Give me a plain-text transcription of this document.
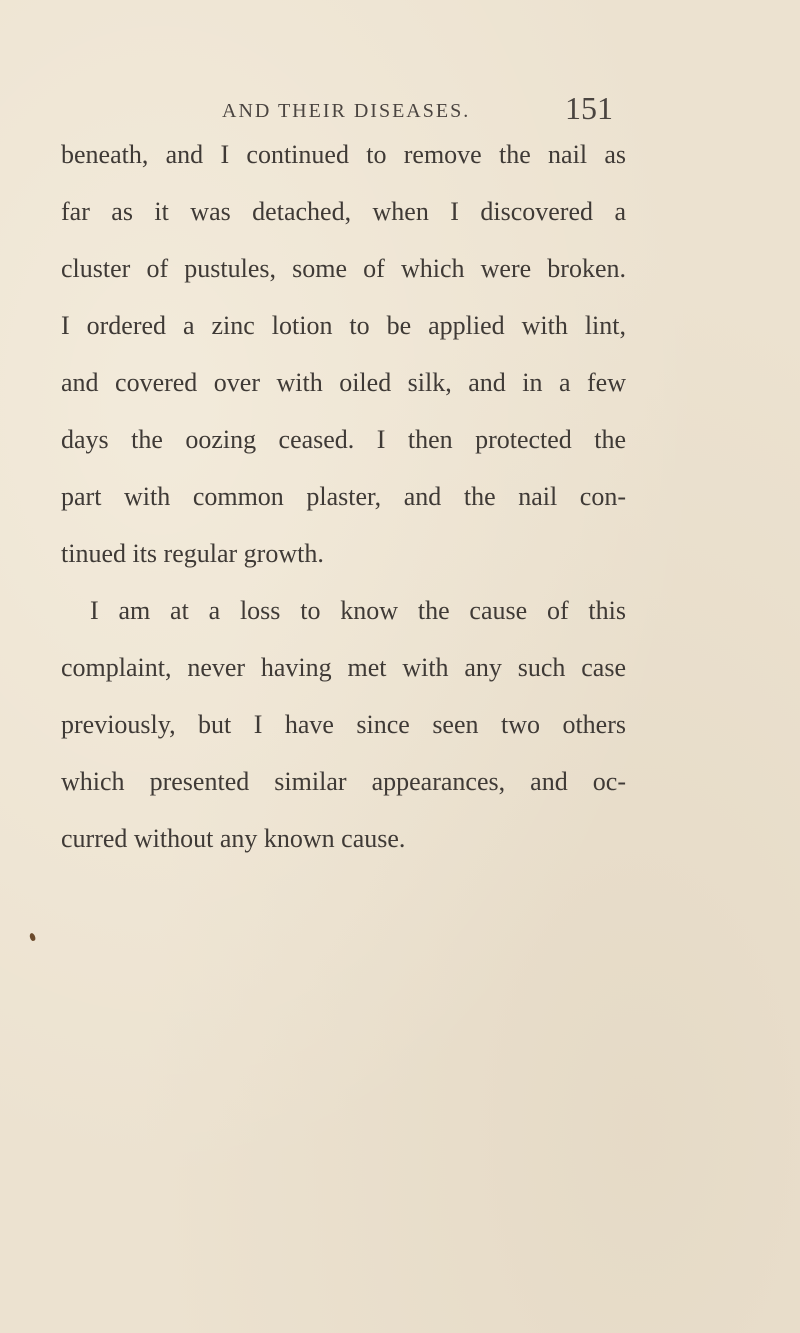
AND THEIR DISEASES.	151
beneath, and I continued to remove the nail as
far as it was detached, when I discovered a
cluster of pustules, some of which were broken.
I ordered a zinc lotion to be applied with lint,
and covered over with oiled silk, and in a few
days the oozing ceased. I then protected the
part with common plaster, and the nail con-
tinued its regular growth.
I am at a loss to know the cause of this
complaint, never having met with any such case
previously, but I have since seen two others
which presented similar appearances, and oc-
curred without any known cause.
